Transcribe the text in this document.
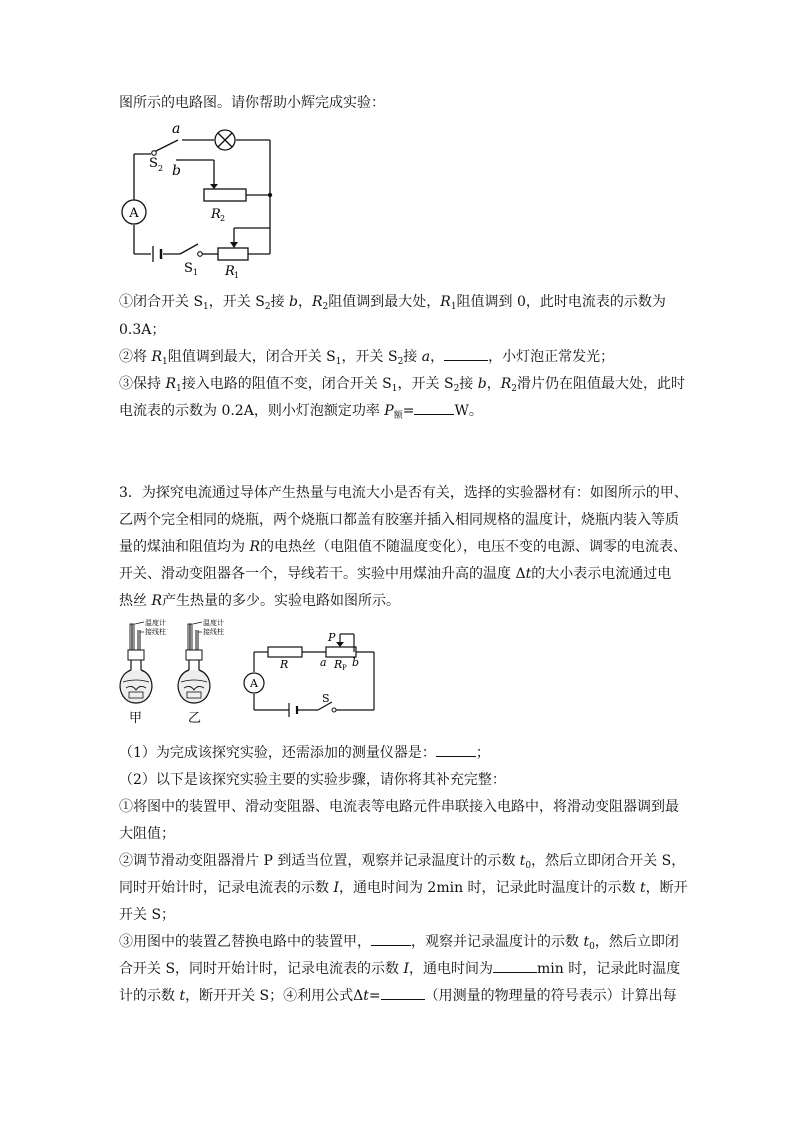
图所示的电路图。请你帮助小辉完成实验：
A
a
b
S 2
R 2
S 1 R 1
①闭合开关 $S_1$，开关 $S_2$接 b，$R_2$阻值调到最大处，$R_1$阻值调到 0，此时电流表的示数为
0.3A；
②将 $R_1$阻值调到最大，闭合开关 $S_1$，开关 $S_2$接 a，	，小灯泡正常发光；
③保持 $R_1$接入电路的阻值不变，闭合开关 $S_1$，开关 $S_2$接 b，$R_2$滑片仍在阻值最大处，此时
电流表的示数为 0.2A，则小灯泡额定功率 $P_额=$	W。
3．为探究电流通过导体产生热量与电流大小是否有关，选择的实验器材有：如图所示的甲、
乙两个完全相同的烧瓶，两个烧瓶口都盖有胶塞并插入相同规格的温度计，烧瓶内装入等质
量的煤油和阻值均为 R的电热丝（电阻值不随温度变化），电压不变的电源、调零的电流表、
开关、滑动变阻器各一个，导线若干。实验中用煤油升高的温度 Δt的大小表示电流通过电
热丝 R产生热量的多少。实验电路如图所示。
温度计
接线柱
甲
温度计
接线柱
乙
A
R
P
a R P b
S
（1）为完成该探究实验，还需添加的测量仪器是：	；
（2）以下是该探究实验主要的实验步骤，请你将其补充完整：
①将图中的装置甲、滑动变阻器、电流表等电路元件串联接入电路中，将滑动变阻器调到最
大阻值；
②调节滑动变阻器滑片 P 到适当位置，观察并记录温度计的示数 $t_0$，然后立即闭合开关 S，
同时开始计时，记录电流表的示数 I，通电时间为 2min 时，记录此时温度计的示数 t，断开
开关 S；
③用图中的装置乙替换电路中的装置甲，	，观察并记录温度计的示数 $t_0$，然后立即闭
合开关 S，同时开始计时，记录电流表的示数 I，通电时间为	min 时，记录此时温度
计的示数 t，断开开关 S；④利用公式Δt=	（用测量的物理量的符号表示）计算出每
